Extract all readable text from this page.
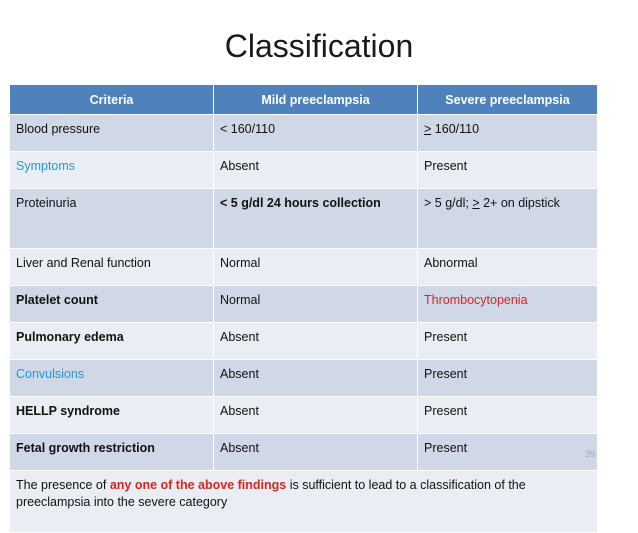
Classification
Criteria	Mild preeclampsia	Severe preeclampsia
Blood pressure	< 160/110	≥ 160/110
Symptoms	Absent	Present
Proteinuria	< 5 g/dl 24 hours collection	> 5 g/dl; > 2+ on dipstick
Liver and Renal function	Normal	Abnormal
Platelet count	Normal	Thrombocytopenia
Pulmonary edema	Absent	Present
Convulsions	Absent	Present
HELLP syndrome	Absent	Present
Fetal growth restriction	Absent	Present
The presence of any one of the above findings is sufficient to lead to a classification of the preeclampsia into the severe category		
39
